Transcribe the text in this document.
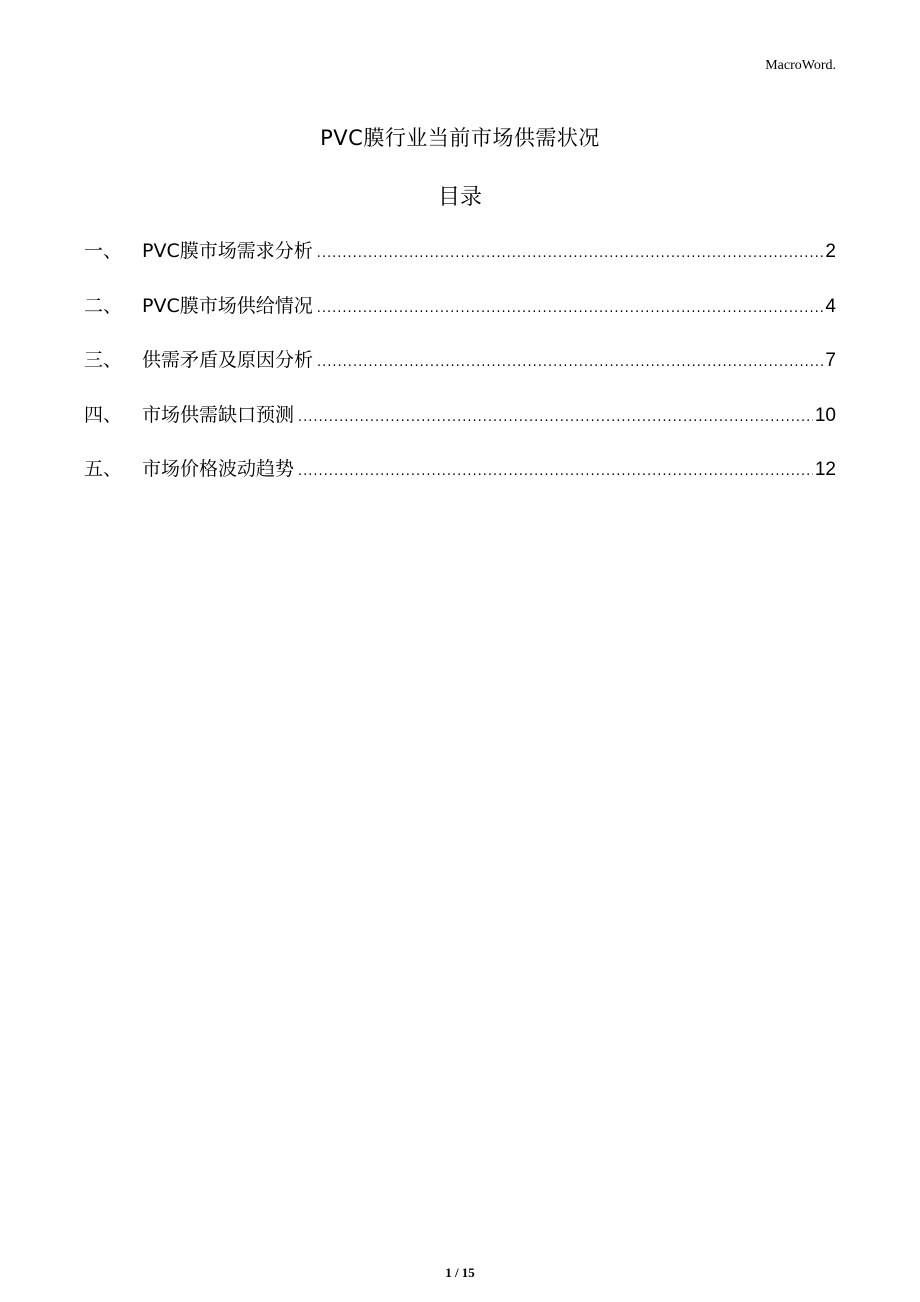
MacroWord.
PVC膜行业当前市场供需状况
目录
一、	PVC膜市场需求分析 .....	2
二、	PVC膜市场供给情况 .....	4
三、	供需矛盾及原因分析 .....	7
四、	市场供需缺口预测 .....	10
五、	市场价格波动趋势 .....	12
1 / 15
